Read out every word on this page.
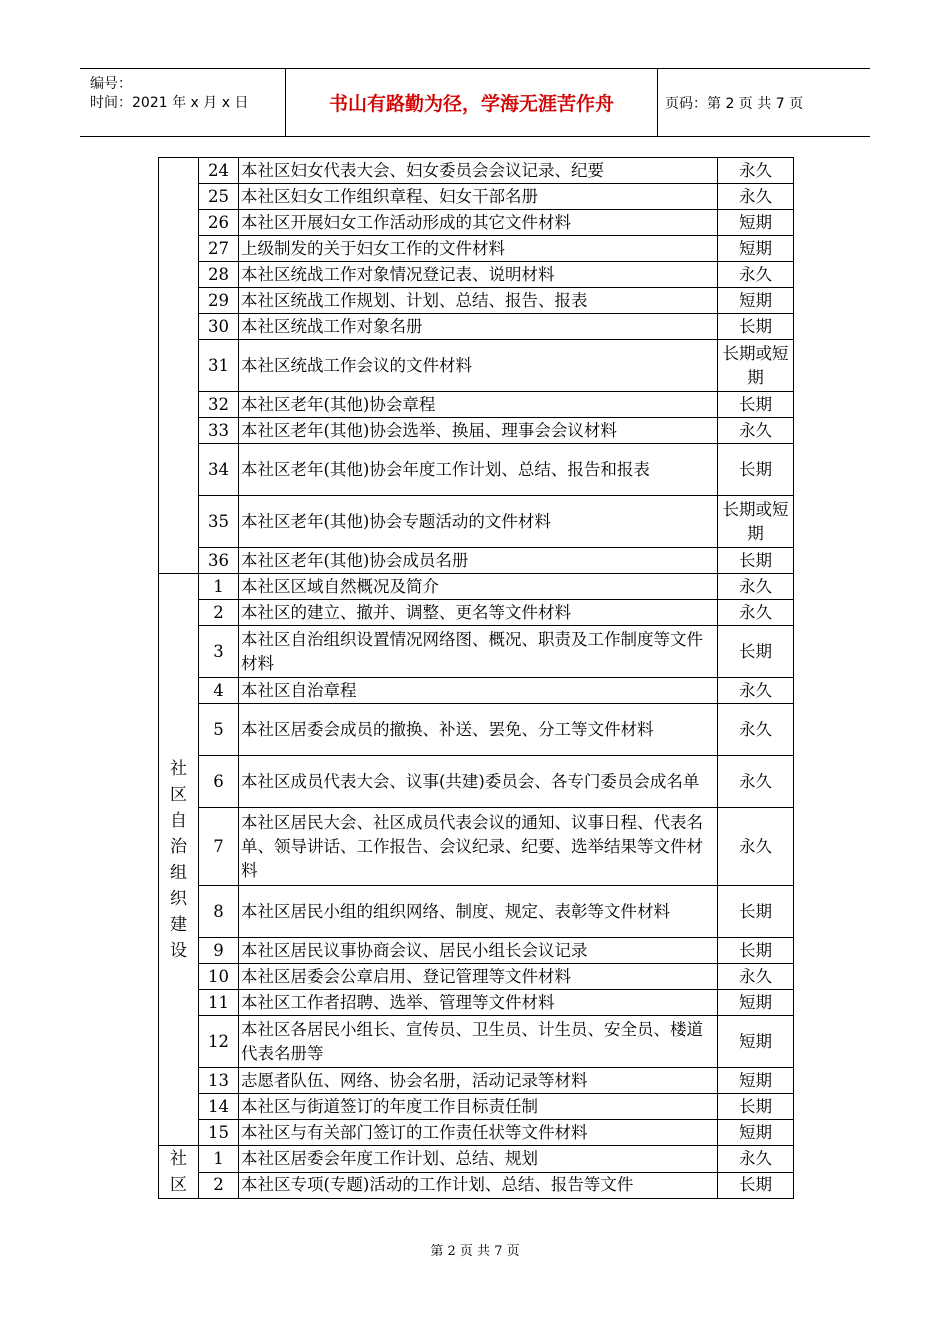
编号：
时间：2021 年 x 月 x 日	书山有路勤为径，学海无涯苦作舟	页码：第 2 页 共 7 页
	24	本社区妇女代表大会、妇女委员会会议记录、纪要	永久
	25	本社区妇女工作组织章程、妇女干部名册	永久
	26	本社区开展妇女工作活动形成的其它文件材料	短期
	27	上级制发的关于妇女工作的文件材料	短期
	28	本社区统战工作对象情况登记表、说明材料	永久
	29	本社区统战工作规划、计划、总结、报告、报表	短期
	30	本社区统战工作对象名册	长期
	31	本社区统战工作会议的文件材料	长期或短期
	32	本社区老年(其他)协会章程	长期
	33	本社区老年(其他)协会选举、换届、理事会会议材料	永久
	34	本社区老年(其他)协会年度工作计划、总结、报告和报表	长期
	35	本社区老年(其他)协会专题活动的文件材料	长期或短期
	36	本社区老年(其他)协会成员名册	长期
社区自治组织建设	1	本社区区域自然概况及简介	永久
	2	本社区的建立、撤并、调整、更名等文件材料	永久
	3	本社区自治组织设置情况网络图、概况、职责及工作制度等文件材料	长期
	4	本社区自治章程	永久
	5	本社区居委会成员的撤换、补送、罢免、分工等文件材料	永久
	6	本社区成员代表大会、议事(共建)委员会、各专门委员会成名单	永久
	7	本社区居民大会、社区成员代表会议的通知、议事日程、代表名单、领导讲话、工作报告、会议纪录、纪要、选举结果等文件材料	永久
	8	本社区居民小组的组织网络、制度、规定、表彰等文件材料	长期
	9	本社区居民议事协商会议、居民小组长会议记录	长期
	10	本社区居委会公章启用、登记管理等文件材料	永久
	11	本社区工作者招聘、选举、管理等文件材料	短期
	12	本社区各居民小组长、宣传员、卫生员、计生员、安全员、楼道代表名册等	短期
	13	志愿者队伍、网络、协会名册，活动记录等材料	短期
	14	本社区与街道签订的年度工作目标责任制	长期
	15	本社区与有关部门签订的工作责任状等文件材料	短期
社区	1	本社区居委会年度工作计划、总结、规划	永久
	2	本社区专项(专题)活动的工作计划、总结、报告等文件	长期
第 2 页 共 7 页
